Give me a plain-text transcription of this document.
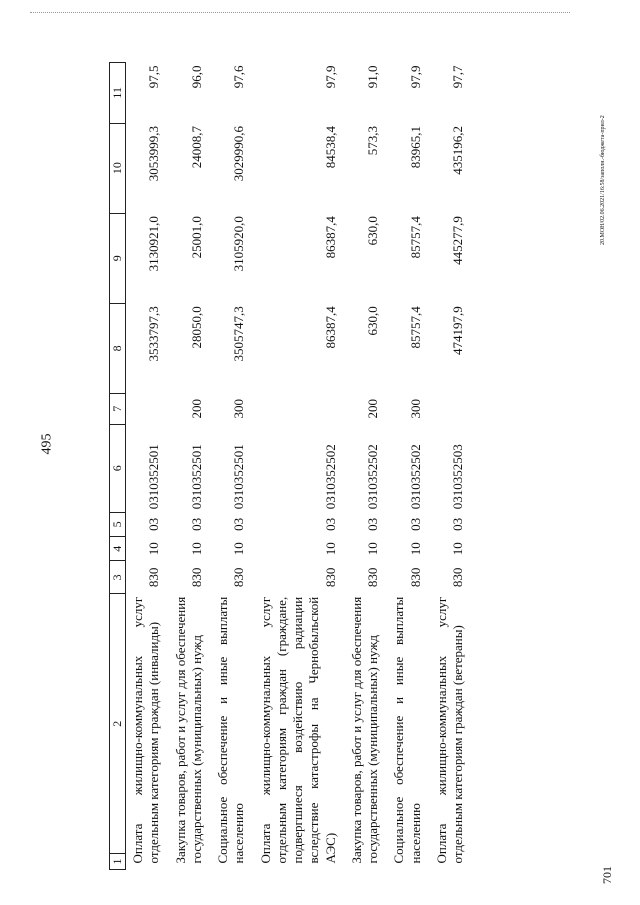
495
20.МОН/02.06.2021/16:58/заполн.-бюджета-прил-2
701
1	2	3	4	5	6	7	8	9	10	11
Оплата жилищно-коммунальных услуг отдельным категориям граждан (инвалиды)		830	10	03	0310352501		3533797,3	3130921,0	3053999,3	97,5
Закупка товаров, работ и услуг для обеспечения государственных (муниципальных) нужд		830	10	03	0310352501	200	28050,0	25001,0	24008,7	96,0
Социальное обеспечение и иные выплаты населению		830	10	03	0310352501	300	3505747,3	3105920,0	3029990,6	97,6
Оплата жилищно-коммунальных услуг отдельным категориям граждан (граждане, подвергшиеся воздействию радиации вследствие катастрофы на Чернобыльской АЭС)		830	10	03	0310352502		86387,4	86387,4	84538,4	97,9
Закупка товаров, работ и услуг для обеспечения государственных (муниципальных) нужд		830	10	03	0310352502	200	630,0	630,0	573,3	91,0
Социальное обеспечение и иные выплаты населению		830	10	03	0310352502	300	85757,4	85757,4	83965,1	97,9
Оплата жилищно-коммунальных услуг отдельным категориям граждан (ветераны)		830	10	03	0310352503		474197,9	445277,9	435196,2	97,7
